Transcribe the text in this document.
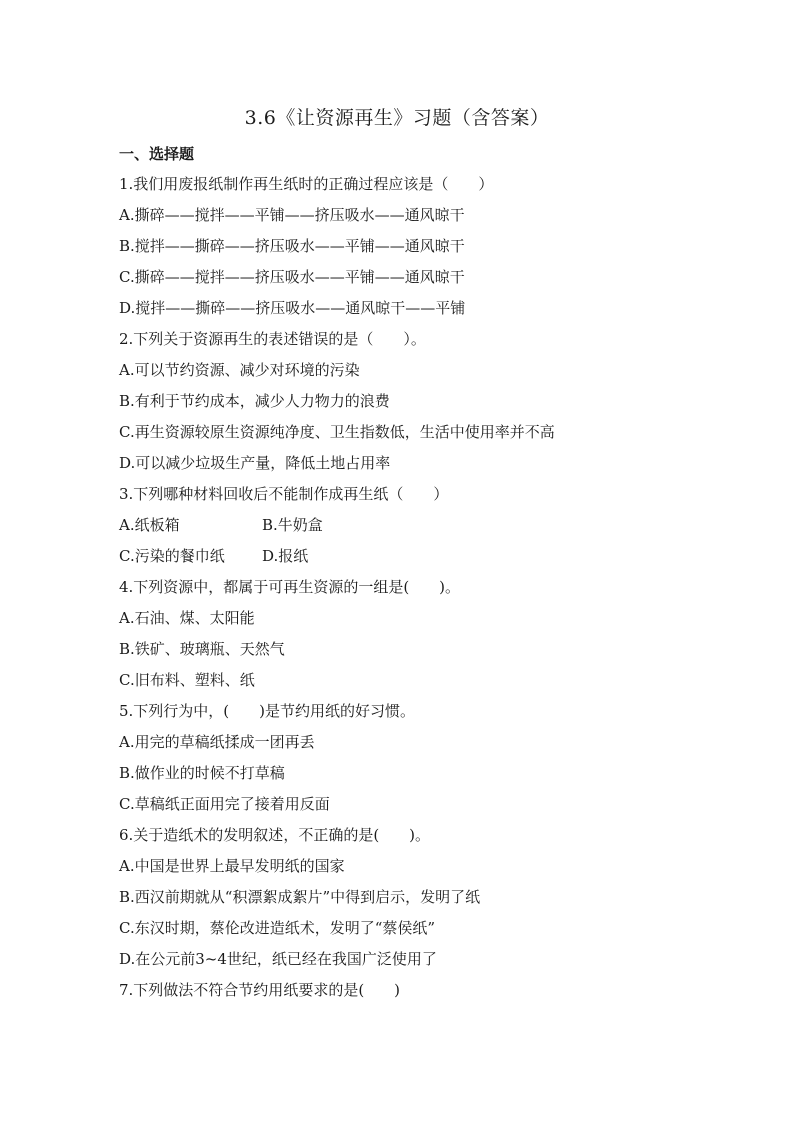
3.6《让资源再生》习题（含答案）
一、选择题
1.我们用废报纸制作再生纸时的正确过程应该是（　　）
A.撕碎——搅拌——平铺——挤压吸水——通风晾干
B.搅拌——撕碎——挤压吸水——平铺——通风晾干
C.撕碎——搅拌——挤压吸水——平铺——通风晾干
D.搅拌——撕碎——挤压吸水——通风晾干——平铺
2.下列关于资源再生的表述错误的是（　　）。
A.可以节约资源、减少对环境的污染
B.有利于节约成本，减少人力物力的浪费
C.再生资源较原生资源纯净度、卫生指数低，生活中使用率并不高
D.可以减少垃圾生产量，降低土地占用率
3.下列哪种材料回收后不能制作成再生纸（　　）
A.纸板箱	B.牛奶盒
C.污染的餐巾纸	D.报纸
4.下列资源中，都属于可再生资源的一组是(　　)。
A.石油、煤、太阳能
B.铁矿、玻璃瓶、天然气
C.旧布料、塑料、纸
5.下列行为中，(　　)是节约用纸的好习惯。
A.用完的草稿纸揉成一团再丢
B.做作业的时候不打草稿
C.草稿纸正面用完了接着用反面
6.关于造纸术的发明叙述，不正确的是(　　)。
A.中国是世界上最早发明纸的国家
B.西汉前期就从“积漂絮成絮片”中得到启示，发明了纸
C.东汉时期，蔡伦改进造纸术，发明了“蔡侯纸”
D.在公元前3~4世纪，纸已经在我国广泛使用了
7.下列做法不符合节约用纸要求的是(　　)
